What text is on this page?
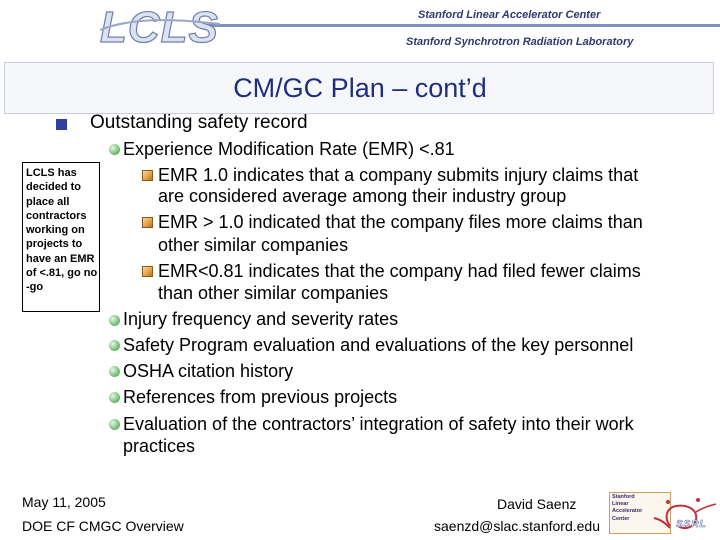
LCLS	Stanford Linear Accelerator Center
Stanford Synchrotron Radiation Laboratory
CM/GC Plan – cont’d
Outstanding safety record
LCLS has decided to place all contractors working on projects to have an EMR of <.81, go no -go
Experience Modification Rate (EMR) <.81
EMR 1.0 indicates that a company submits injury claims that
are considered average among their industry group
EMR > 1.0 indicated that the company files more claims than
other similar companies
EMR<0.81 indicates that the company had filed fewer claims
than other similar companies
Injury frequency and severity rates
Safety Program evaluation and evaluations of the key personnel
OSHA citation history
References from previous projects
Evaluation of the contractors’ integration of safety into their work
practices
May 11, 2005
DOE CF CMGC Overview
David Saenz
saenzd@slac.stanford.edu
Stanford
Linear
Accelerator
Center
SSRL
